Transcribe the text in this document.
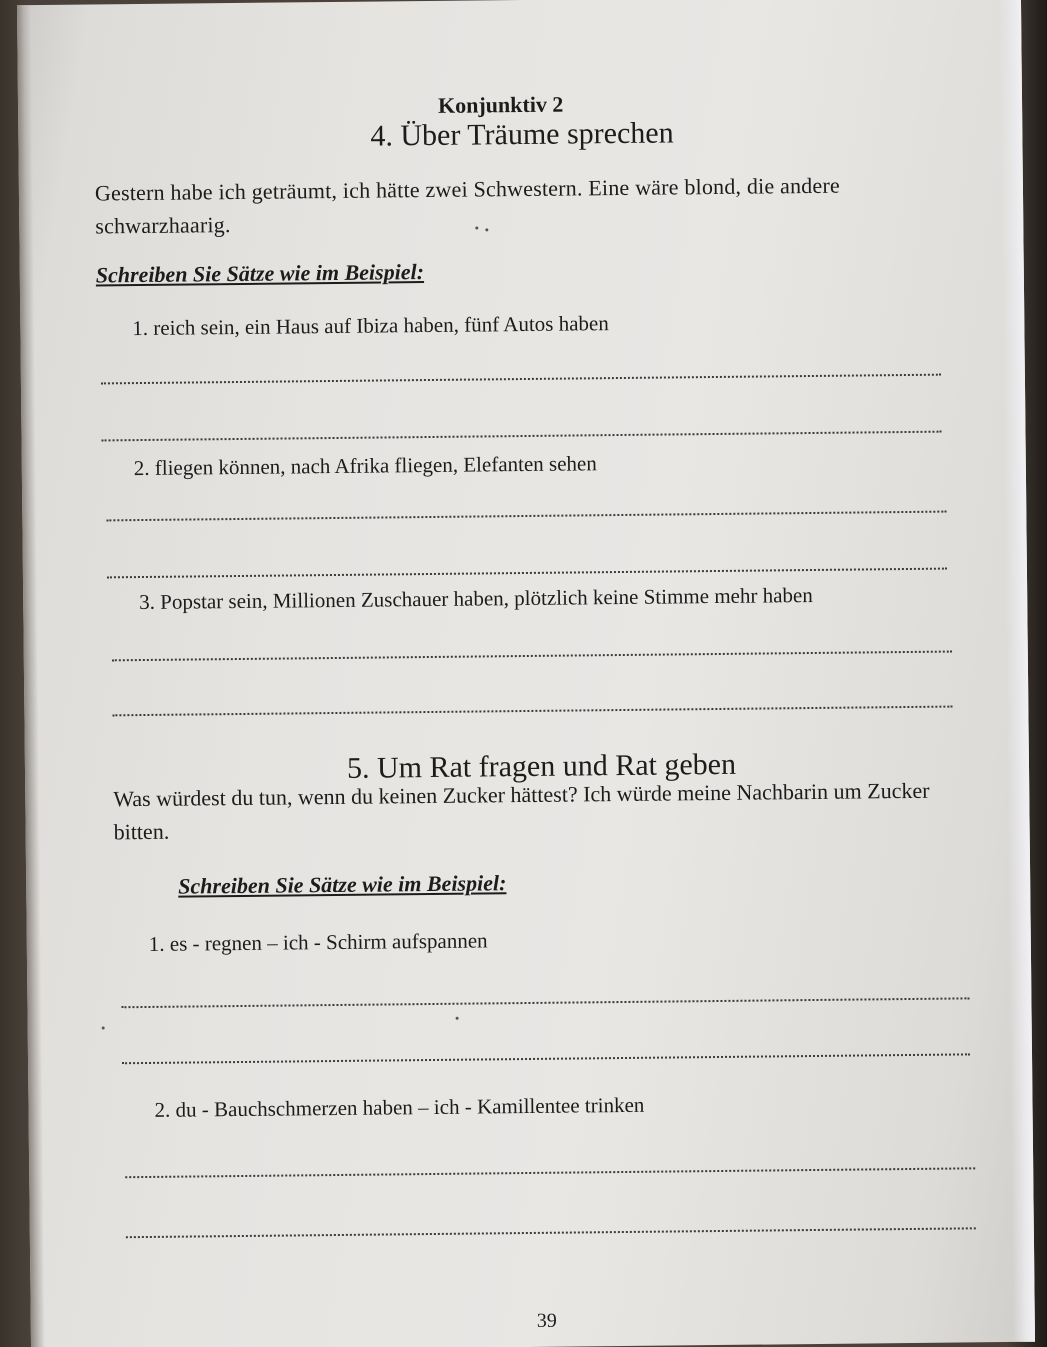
Konjunktiv 2
4. Über Träume sprechen
Gestern habe ich geträumt, ich hätte zwei Schwestern. Eine wäre blond, die andere schwarzhaarig.
Schreiben Sie Sätze wie im Beispiel:
1. reich sein, ein Haus auf Ibiza haben, fünf Autos haben
2. fliegen können, nach Afrika fliegen, Elefanten sehen
3. Popstar sein, Millionen Zuschauer haben, plötzlich keine Stimme mehr haben
5. Um Rat fragen und Rat geben
Was würdest du tun, wenn du keinen Zucker hättest? Ich würde meine Nachbarin um Zucker bitten.
Schreiben Sie Sätze wie im Beispiel:
1. es - regnen – ich - Schirm aufspannen
2. du - Bauchschmerzen haben – ich - Kamillentee trinken
39
